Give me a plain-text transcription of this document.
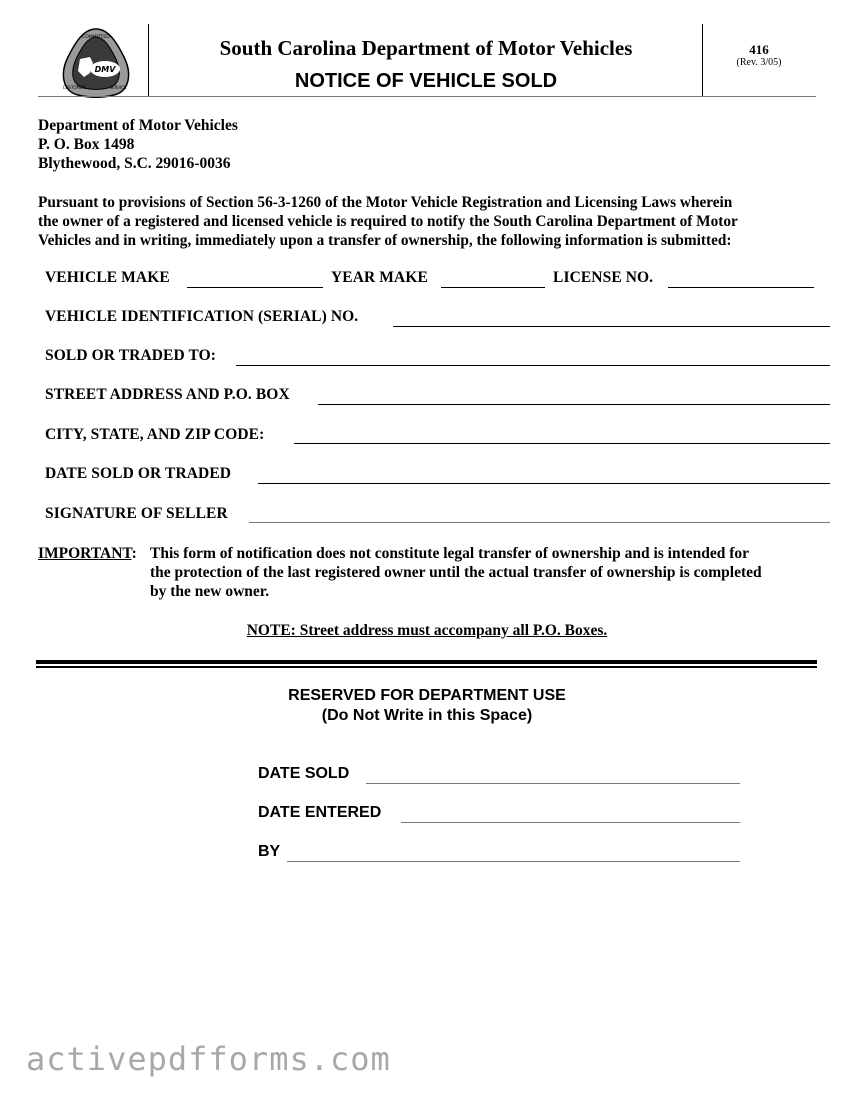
COMMITTED
CUSTOMER	SERVICE
DMV
South Carolina Department of Motor Vehicles
NOTICE OF VEHICLE SOLD
416
(Rev. 3/05)
Department of Motor Vehicles
P. O. Box 1498
Blythewood, S.C. 29016-0036
Pursuant to provisions of Section 56-3-1260 of the Motor Vehicle Registration and Licensing Laws wherein
the owner of a registered and licensed vehicle is required to notify the South Carolina Department of Motor
Vehicles and in writing, immediately upon a transfer of ownership, the following information is submitted:
VEHICLE MAKE	YEAR MAKE	LICENSE NO.
VEHICLE IDENTIFICATION (SERIAL) NO.
SOLD OR TRADED TO:
STREET ADDRESS AND P.O. BOX
CITY, STATE, AND ZIP CODE:
DATE SOLD OR TRADED
SIGNATURE OF SELLER
IMPORTANT: This form of notification does not constitute legal transfer of ownership and is intended for
the protection of the last registered owner until the actual transfer of ownership is completed
by the new owner.
NOTE: Street address must accompany all P.O. Boxes.
RESERVED FOR DEPARTMENT USE
(Do Not Write in this Space)
DATE SOLD
DATE ENTERED
BY
activepdfforms.com
